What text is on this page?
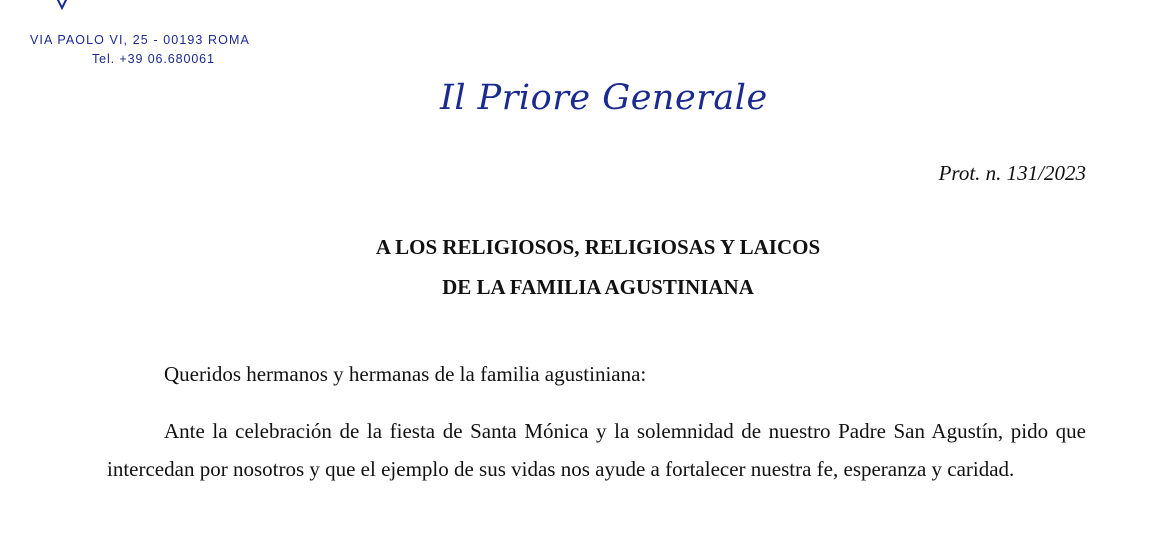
VIA PAOLO VI, 25 - 00193 ROMA
Tel. +39 06.680061
Il Priore Generale
Prot. n. 131/2023
A LOS RELIGIOSOS, RELIGIOSAS Y LAICOS
DE LA FAMILIA AGUSTINIANA
Queridos hermanos y hermanas de la familia agustiniana:

Ante la celebración de la fiesta de Santa Mónica y la solemnidad de nuestro Padre San Agustín, pido que intercedan por nosotros y que el ejemplo de sus vidas nos ayude a fortalecer nuestra fe, esperanza y caridad.
